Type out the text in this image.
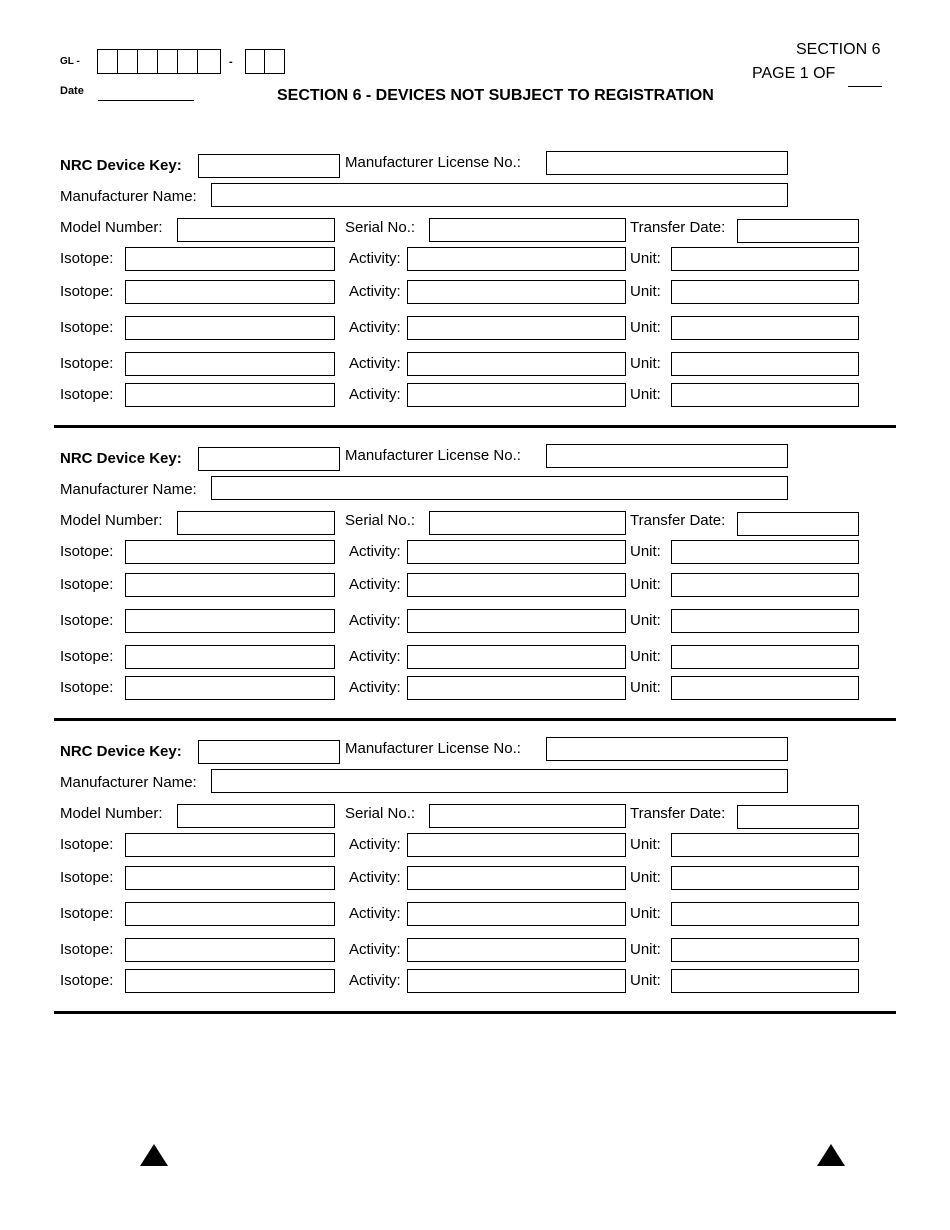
GL -	-
Date
SECTION 6
PAGE 1 OF
SECTION 6 - DEVICES NOT SUBJECT TO REGISTRATION
NRC Device Key:	Manufacturer License No.:
Manufacturer Name:
Model Number:	Serial No.:	Transfer Date:
Isotope:	Activity:	Unit:
Isotope:	Activity:	Unit:
Isotope:	Activity:	Unit:
Isotope:	Activity:	Unit:
Isotope:	Activity:	Unit:
NRC Device Key:	Manufacturer License No.:
Manufacturer Name:
Model Number:	Serial No.:	Transfer Date:
Isotope:	Activity:	Unit:
Isotope:	Activity:	Unit:
Isotope:	Activity:	Unit:
Isotope:	Activity:	Unit:
Isotope:	Activity:	Unit:
NRC Device Key:	Manufacturer License No.:
Manufacturer Name:
Model Number:	Serial No.:	Transfer Date:
Isotope:	Activity:	Unit:
Isotope:	Activity:	Unit:
Isotope:	Activity:	Unit:
Isotope:	Activity:	Unit:
Isotope:	Activity:	Unit:
